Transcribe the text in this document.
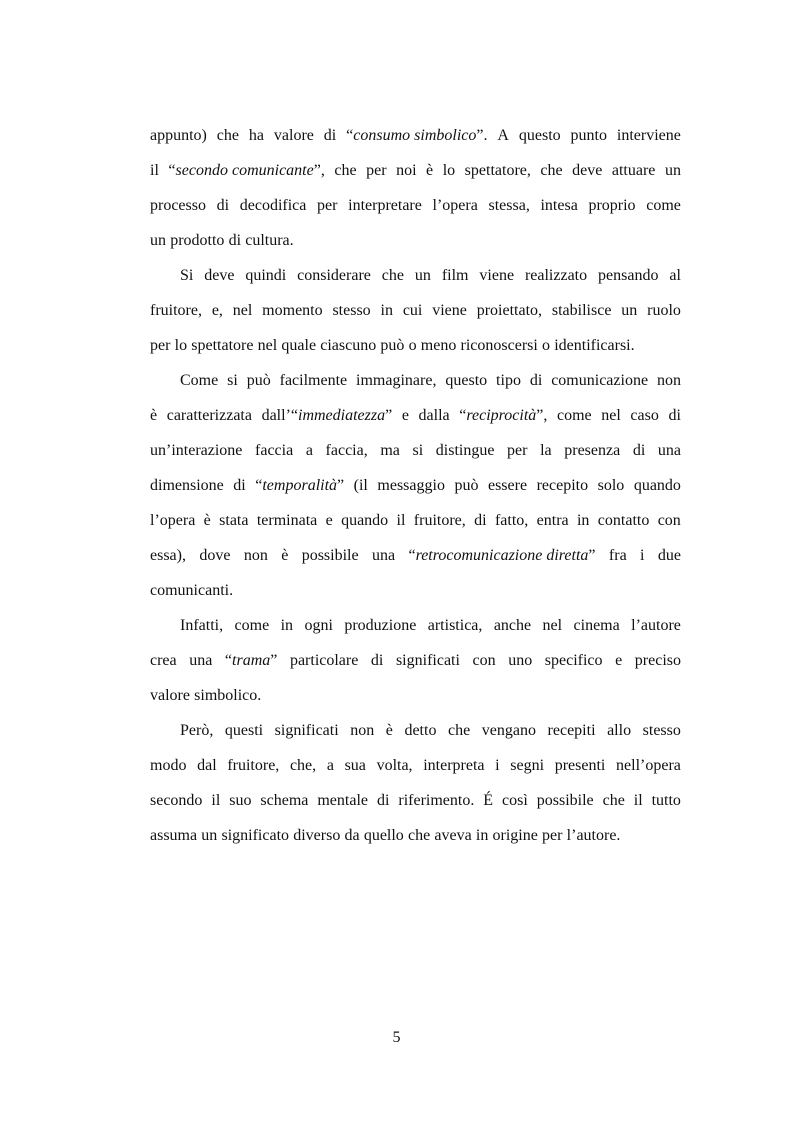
appunto) che ha valore di “consumo simbolico”. A questo punto interviene
il “secondo comunicante”, che per noi è lo spettatore, che deve attuare un
processo di decodifica per interpretare l’opera stessa, intesa proprio come
un prodotto di cultura.
Si deve quindi considerare che un film viene realizzato pensando al
fruitore, e, nel momento stesso in cui viene proiettato, stabilisce un ruolo
per lo spettatore nel quale ciascuno può o meno riconoscersi o identificarsi.
Come si può facilmente immaginare, questo tipo di comunicazione non
è caratterizzata dall’“immediatezza” e dalla “reciprocità”, come nel caso di
un’interazione faccia a faccia, ma si distingue per la presenza di una
dimensione di “temporalità” (il messaggio può essere recepito solo quando
l’opera è stata terminata e quando il fruitore, di fatto, entra in contatto con
essa), dove non è possibile una “retrocomunicazione diretta” fra i due
comunicanti.
Infatti, come in ogni produzione artistica, anche nel cinema l’autore
crea una “trama” particolare di significati con uno specifico e preciso
valore simbolico.
Però, questi significati non è detto che vengano recepiti allo stesso
modo dal fruitore, che, a sua volta, interpreta i segni presenti nell’opera
secondo il suo schema mentale di riferimento. É così possibile che il tutto
assuma un significato diverso da quello che aveva in origine per l’autore.
5
